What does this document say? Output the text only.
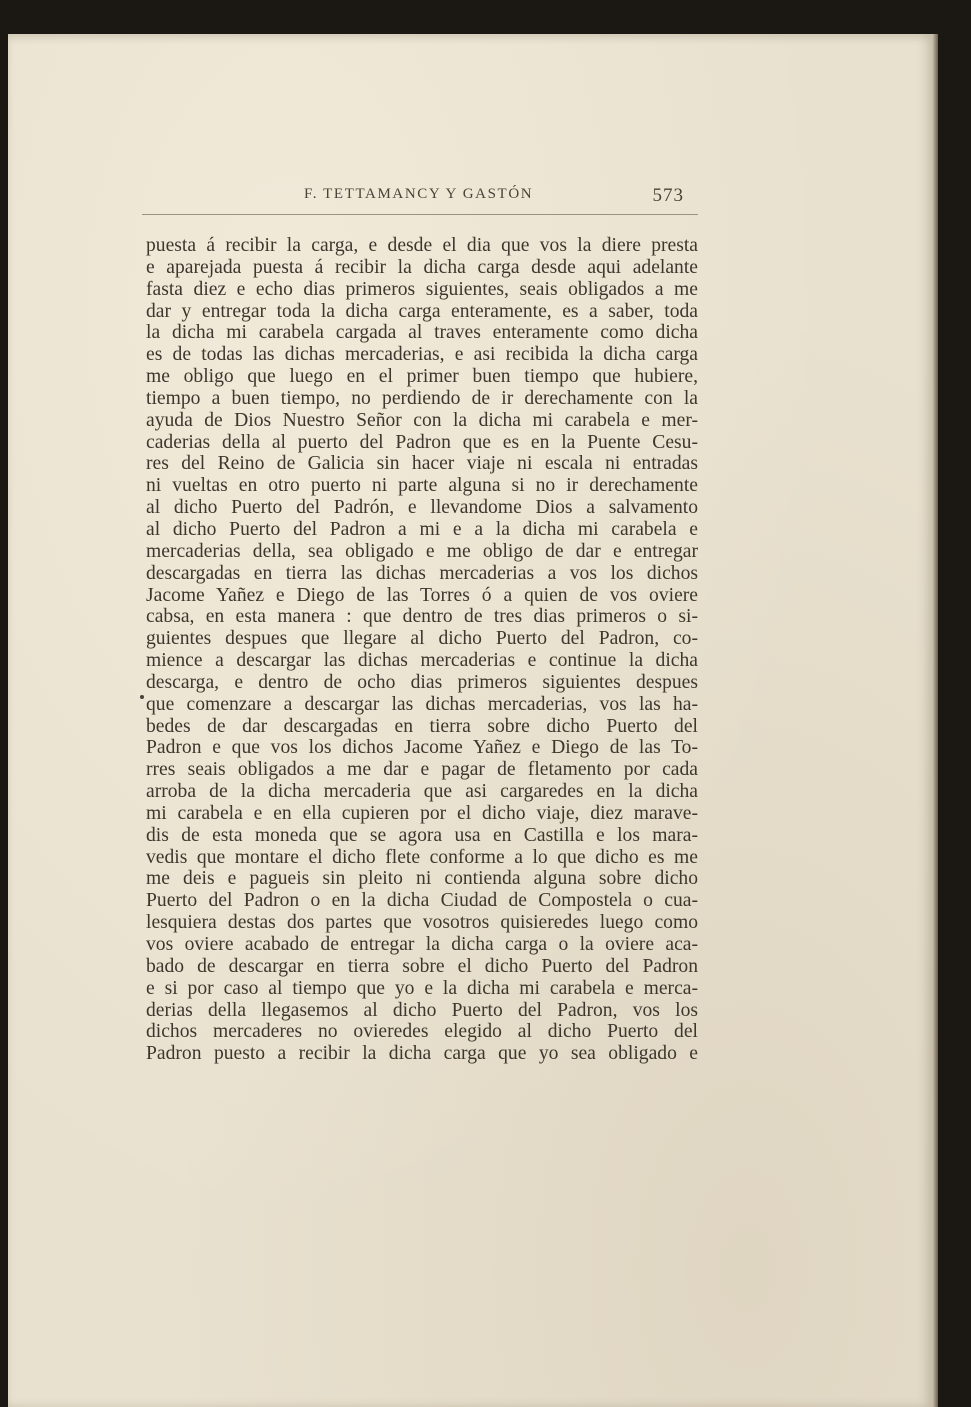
F. TETTAMANCY Y GASTÓN	573
puesta á recibir la carga, e desde el dia que vos la diere presta
e aparejada puesta á recibir la dicha carga desde aqui adelante
fasta diez e echo dias primeros siguientes, seais obligados a me
dar y entregar toda la dicha carga enteramente, es a saber, toda
la dicha mi carabela cargada al traves enteramente como dicha
es de todas las dichas mercaderias, e asi recibida la dicha carga
me obligo que luego en el primer buen tiempo que hubiere,
tiempo a buen tiempo, no perdiendo de ir derechamente con la
ayuda de Dios Nuestro Señor con la dicha mi carabela e mer-
caderias della al puerto del Padron que es en la Puente Cesu-
res del Reino de Galicia sin hacer viaje ni escala ni entradas
ni vueltas en otro puerto ni parte alguna si no ir derechamente
al dicho Puerto del Padrón, e llevandome Dios a salvamento
al dicho Puerto del Padron a mi e a la dicha mi carabela e
mercaderias della, sea obligado e me obligo de dar e entregar
descargadas en tierra las dichas mercaderias a vos los dichos
Jacome Yañez e Diego de las Torres ó a quien de vos oviere
cabsa, en esta manera : que dentro de tres dias primeros o si-
guientes despues que llegare al dicho Puerto del Padron, co-
mience a descargar las dichas mercaderias e continue la dicha
descarga, e dentro de ocho dias primeros siguientes despues
que comenzare a descargar las dichas mercaderias, vos las ha-
bedes de dar descargadas en tierra sobre dicho Puerto del
Padron e que vos los dichos Jacome Yañez e Diego de las To-
rres seais obligados a me dar e pagar de fletamento por cada
arroba de la dicha mercaderia que asi cargaredes en la dicha
mi carabela e en ella cupieren por el dicho viaje, diez marave-
dis de esta moneda que se agora usa en Castilla e los mara-
vedis que montare el dicho flete conforme a lo que dicho es me
me deis e pagueis sin pleito ni contienda alguna sobre dicho
Puerto del Padron o en la dicha Ciudad de Compostela o cua-
lesquiera destas dos partes que vosotros quisieredes luego como
vos oviere acabado de entregar la dicha carga o la oviere aca-
bado de descargar en tierra sobre el dicho Puerto del Padron
e si por caso al tiempo que yo e la dicha mi carabela e merca-
derias della llegasemos al dicho Puerto del Padron, vos los
dichos mercaderes no ovieredes elegido al dicho Puerto del
Padron puesto a recibir la dicha carga que yo sea obligado e
